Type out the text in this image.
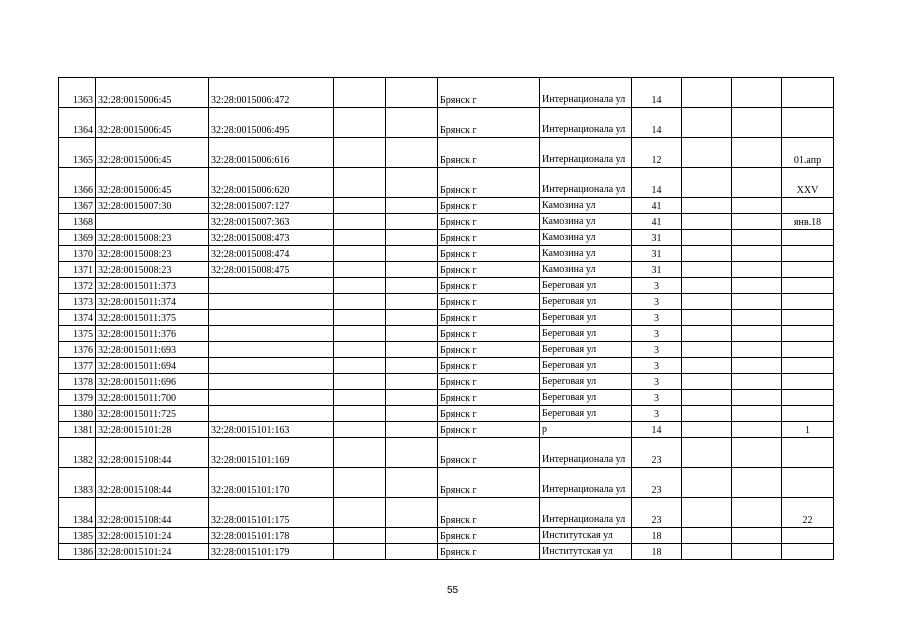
1363	32:28:0015006:45	32:28:0015006:472			Брянск г	Интернационала ул	14			
1364	32:28:0015006:45	32:28:0015006:495			Брянск г	Интернационала ул	14			
1365	32:28:0015006:45	32:28:0015006:616			Брянск г	Интернационала ул	12			01.апр
1366	32:28:0015006:45	32:28:0015006:620			Брянск г	Интернационала ул	14			XXV
1367	32:28:0015007:30	32:28:0015007:127			Брянск г	Камозина ул	41			
1368		32:28:0015007:363			Брянск г	Камозина ул	41			янв.18
1369	32:28:0015008:23	32:28:0015008:473			Брянск г	Камозина ул	31			
1370	32:28:0015008:23	32:28:0015008:474			Брянск г	Камозина ул	31			
1371	32:28:0015008:23	32:28:0015008:475			Брянск г	Камозина ул	31			
1372	32:28:0015011:373				Брянск г	Береговая ул	3			
1373	32:28:0015011:374				Брянск г	Береговая ул	3			
1374	32:28:0015011:375				Брянск г	Береговая ул	3			
1375	32:28:0015011:376				Брянск г	Береговая ул	3			
1376	32:28:0015011:693				Брянск г	Береговая ул	3			
1377	32:28:0015011:694				Брянск г	Береговая ул	3			
1378	32:28:0015011:696				Брянск г	Береговая ул	3			
1379	32:28:0015011:700				Брянск г	Береговая ул	3			
1380	32:28:0015011:725				Брянск г	Береговая ул	3			
1381	32:28:0015101:28	32:28:0015101:163			Брянск г	р	14			1
1382	32:28:0015108:44	32:28:0015101:169			Брянск г	Интернационала ул	23			
1383	32:28:0015108:44	32:28:0015101:170			Брянск г	Интернационала ул	23			
1384	32:28:0015108:44	32:28:0015101:175			Брянск г	Интернационала ул	23			22
1385	32:28:0015101:24	32:28:0015101:178			Брянск г	Институтская ул	18			
1386	32:28:0015101:24	32:28:0015101:179			Брянск г	Институтская ул	18			
55
